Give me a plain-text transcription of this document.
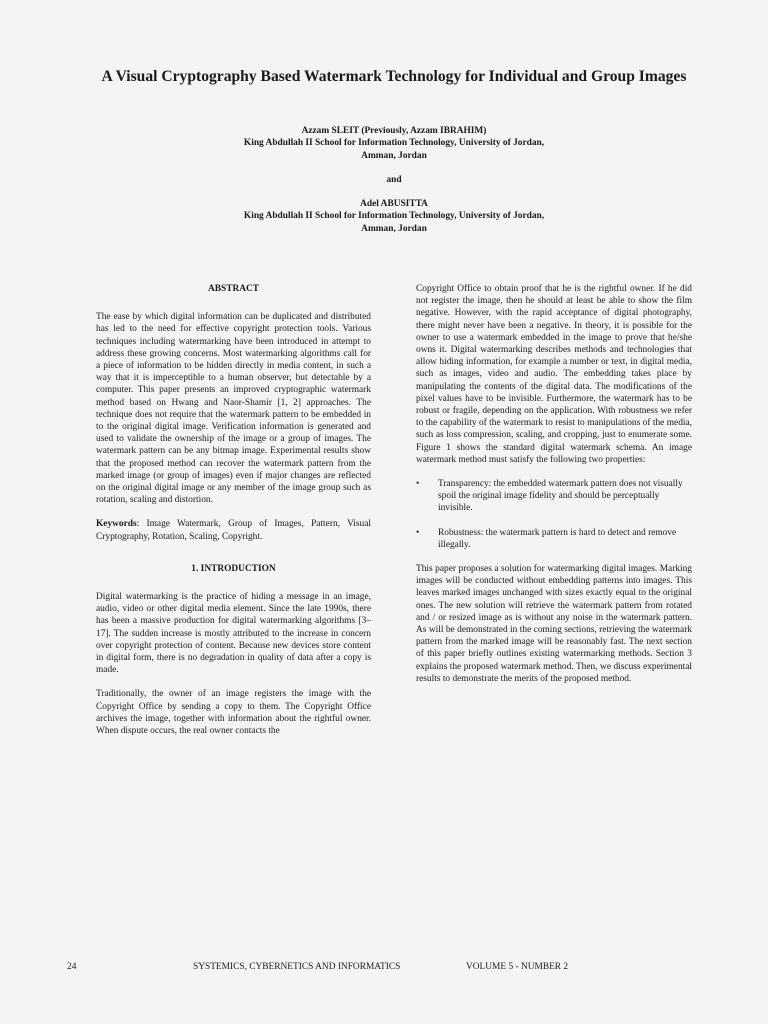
A Visual Cryptography Based Watermark Technology for Individual and Group Images
Azzam SLEIT (Previously, Azzam IBRAHIM)
King Abdullah II School for Information Technology, University of Jordan,
Amman, Jordan
and
Adel ABUSITTA
King Abdullah II School for Information Technology, University of Jordan,
Amman, Jordan
ABSTRACT

The ease by which digital information can be duplicated and distributed has led to the need for effective copyright protection tools. Various techniques including watermarking have been introduced in attempt to address these growing concerns. Most watermarking algorithms call for a piece of information to be hidden directly in media content, in such a way that it is imperceptible to a human observer, but detectable by a computer. This paper presents an improved cryptographic watermark method based on Hwang and Naor-Shamir [1, 2] approaches. The technique does not require that the watermark pattern to be embedded in to the original digital image. Verification information is generated and used to validate the ownership of the image or a group of images. The watermark pattern can be any bitmap image. Experimental results show that the proposed method can recover the watermark pattern from the marked image (or group of images) even if major changes are reflected on the original digital image or any member of the image group such as rotation, scaling and distortion.

Keywords: Image Watermark, Group of Images, Pattern, Visual Cryptography, Rotation, Scaling, Copyright.

1. INTRODUCTION

Digital watermarking is the practice of hiding a message in an image, audio, video or other digital media element. Since the late 1990s, there has been a massive production for digital watermarking algorithms [3–17]. The sudden increase is mostly attributed to the increase in concern over copyright protection of content. Because new devices store content in digital form, there is no degradation in quality of data after a copy is made.

Traditionally, the owner of an image registers the image with the Copyright Office by sending a copy to them. The Copyright Office archives the image, together with information about the rightful owner. When dispute occurs, the real owner contacts the

Copyright Office to obtain proof that he is the rightful owner. If he did not register the image, then he should at least be able to show the film negative. However, with the rapid acceptance of digital photography, there might never have been a negative. In theory, it is possible for the owner to use a watermark embedded in the image to prove that he/she owns it. Digital watermarking describes methods and technologies that allow hiding information, for example a number or text, in digital media, such as images, video and audio. The embedding takes place by manipulating the contents of the digital data. The modifications of the pixel values have to be invisible. Furthermore, the watermark has to be robust or fragile, depending on the application. With robustness we refer to the capability of the watermark to resist to manipulations of the media, such as loss compression, scaling, and cropping, just to enumerate some. Figure 1 shows the standard digital watermark schema. An image watermark method must satisfy the following two properties:

• Transparency: the embedded watermark pattern does not visually spoil the original image fidelity and should be perceptually invisible.
• Robustness: the watermark pattern is hard to detect and remove illegally.

This paper proposes a solution for watermarking digital images. Marking images will be conducted without embedding patterns into images. This leaves marked images unchanged with sizes exactly equal to the original ones. The new solution will retrieve the watermark pattern from rotated and / or resized image as is without any noise in the watermark pattern. As will be demonstrated in the coming sections, retrieving the watermark pattern from the marked image will be reasonably fast. The next section of this paper briefly outlines existing watermarking methods. Section 3 explains the proposed watermark method. Then, we discuss experimental results to demonstrate the merits of the proposed method.

24	SYSTEMICS, CYBERNETICS AND INFORMATICS	VOLUME 5 - NUMBER 2
